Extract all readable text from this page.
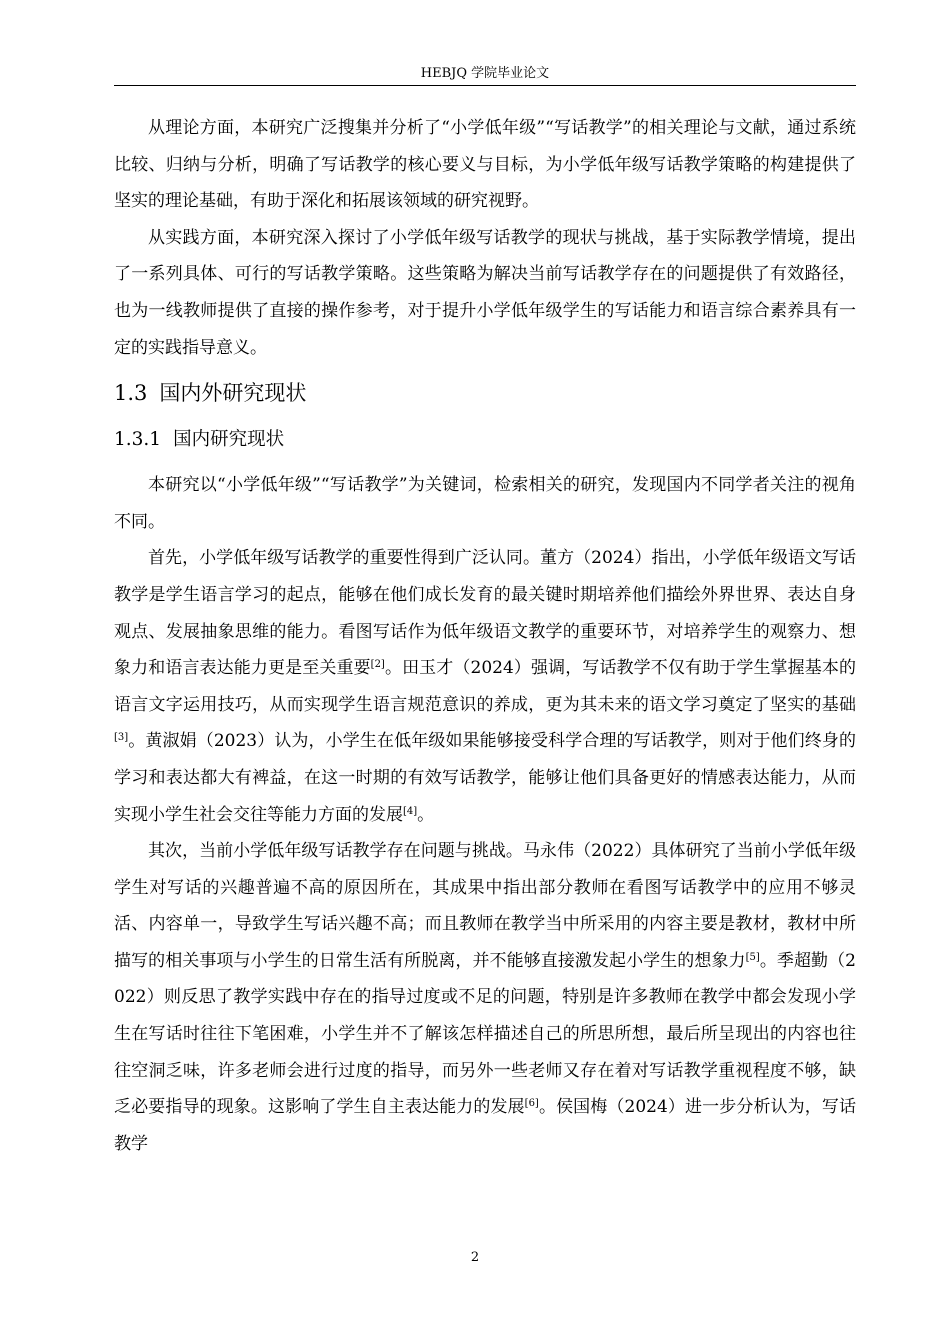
HEBJQ 学院毕业论文

从理论方面，本研究广泛搜集并分析了“小学低年级”“写话教学”的相关理论与文献，通过系统比较、归纳与分析，明确了写话教学的核心要义与目标，为小学低年级写话教学策略的构建提供了坚实的理论基础，有助于深化和拓展该领域的研究视野。

从实践方面，本研究深入探讨了小学低年级写话教学的现状与挑战，基于实际教学情境，提出了一系列具体、可行的写话教学策略。这些策略为解决当前写话教学存在的问题提供了有效路径，也为一线教师提供了直接的操作参考，对于提升小学低年级学生的写话能力和语言综合素养具有一定的实践指导意义。

1.3 国内外研究现状
1.3.1 国内研究现状

本研究以“小学低年级”“写话教学”为关键词，检索相关的研究，发现国内不同学者关注的视角不同。

首先，小学低年级写话教学的重要性得到广泛认同。董方（2024）指出，小学低年级语文写话教学是学生语言学习的起点，能够在他们成长发育的最关键时期培养他们描绘外界世界、表达自身观点、发展抽象思维的能力。看图写话作为低年级语文教学的重要环节，对培养学生的观察力、想象力和语言表达能力更是至关重要[2]。田玉才（2024）强调，写话教学不仅有助于学生掌握基本的语言文字运用技巧，从而实现学生语言规范意识的养成，更为其未来的语文学习奠定了坚实的基础[3]。黄淑娟（2023）认为，小学生在低年级如果能够接受科学合理的写话教学，则对于他们终身的学习和表达都大有裨益，在这一时期的有效写话教学，能够让他们具备更好的情感表达能力，从而实现小学生社会交往等能力方面的发展[4]。

其次，当前小学低年级写话教学存在问题与挑战。马永伟（2022）具体研究了当前小学低年级学生对写话的兴趣普遍不高的原因所在，其成果中指出部分教师在看图写话教学中的应用不够灵活、内容单一，导致学生写话兴趣不高；而且教师在教学当中所采用的内容主要是教材，教材中所描写的相关事项与小学生的日常生活有所脱离，并不能够直接激发起小学生的想象力[5]。季超勤（2022）则反思了教学实践中存在的指导过度或不足的问题，特别是许多教师在教学中都会发现小学生在写话时往往下笔困难，小学生并不了解该怎样描述自己的所思所想，最后所呈现出的内容也往往空洞乏味，许多老师会进行过度的指导，而另外一些老师又存在着对写话教学重视程度不够，缺乏必要指导的现象。这影响了学生自主表达能力的发展[6]。侯国梅（2024）进一步分析认为，写话教学

2
